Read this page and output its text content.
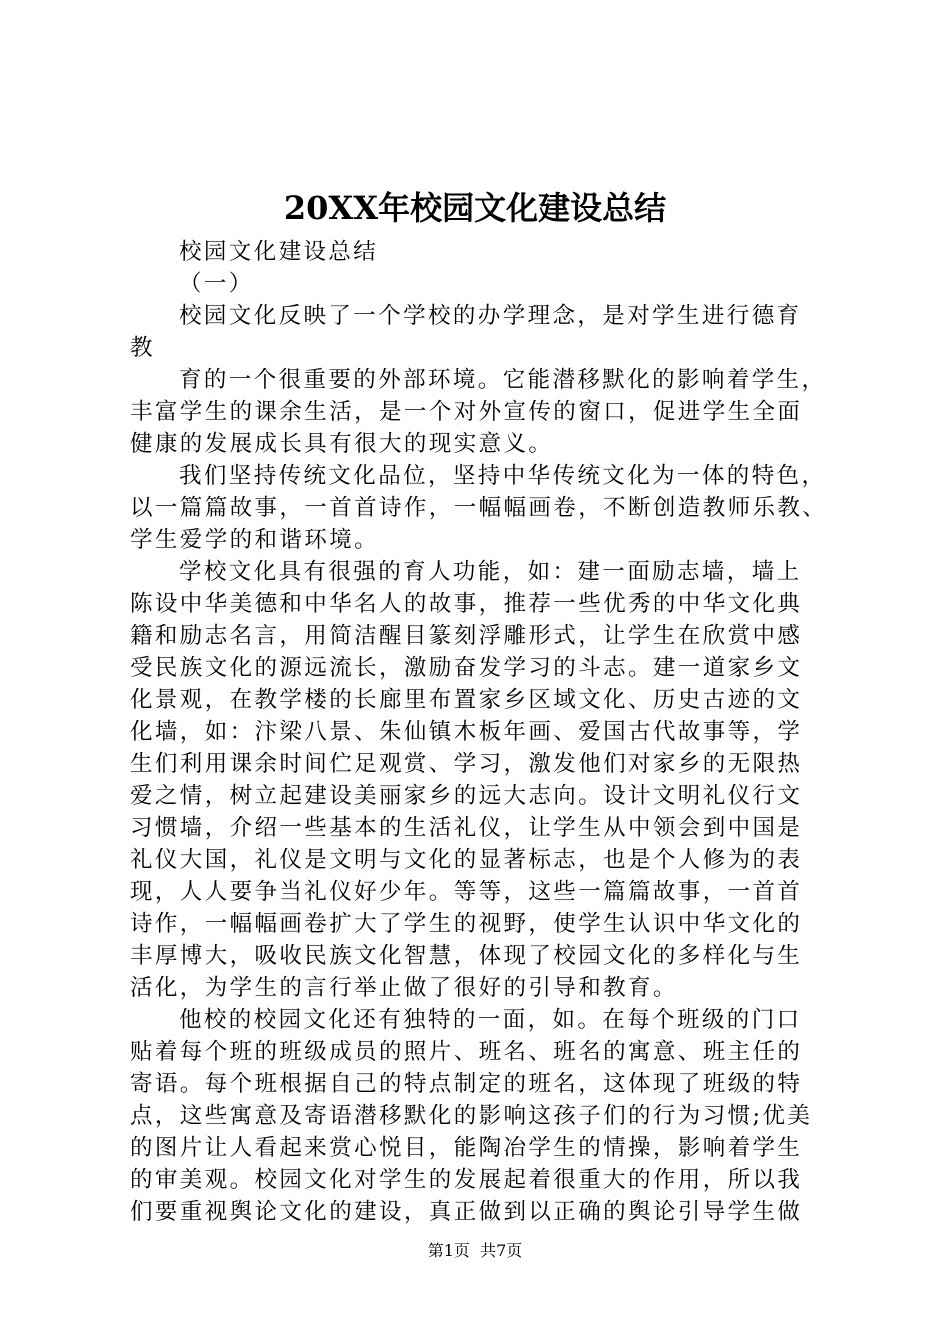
20XX年校园文化建设总结
校园文化建设总结
（一）
校园文化反映了一个学校的办学理念，是对学生进行德育
教
育的一个很重要的外部环境。它能潜移默化的影响着学生，
丰富学生的课余生活，是一个对外宣传的窗口，促进学生全面
健康的发展成长具有很大的现实意义。
我们坚持传统文化品位，坚持中华传统文化为一体的特色，
以一篇篇故事，一首首诗作，一幅幅画卷，不断创造教师乐教、
学生爱学的和谐环境。
学校文化具有很强的育人功能，如：建一面励志墙，墙上
陈设中华美德和中华名人的故事，推荐一些优秀的中华文化典
籍和励志名言，用简洁醒目篆刻浮雕形式，让学生在欣赏中感
受民族文化的源远流长，激励奋发学习的斗志。建一道家乡文
化景观，在教学楼的长廊里布置家乡区域文化、历史古迹的文
化墙，如：汴梁八景、朱仙镇木板年画、爱国古代故事等，学
生们利用课余时间伫足观赏、学习，激发他们对家乡的无限热
爱之情，树立起建设美丽家乡的远大志向。设计文明礼仪行文
习惯墙，介绍一些基本的生活礼仪，让学生从中领会到中国是
礼仪大国，礼仪是文明与文化的显著标志，也是个人修为的表
现，人人要争当礼仪好少年。等等，这些一篇篇故事，一首首
诗作，一幅幅画卷扩大了学生的视野，使学生认识中华文化的
丰厚博大，吸收民族文化智慧，体现了校园文化的多样化与生
活化，为学生的言行举止做了很好的引导和教育。
他校的校园文化还有独特的一面，如。在每个班级的门口
贴着每个班的班级成员的照片、班名、班名的寓意、班主任的
寄语。每个班根据自己的特点制定的班名，这体现了班级的特
点，这些寓意及寄语潜移默化的影响这孩子们的行为习惯;优美
的图片让人看起来赏心悦目，能陶冶学生的情操，影响着学生
的审美观。校园文化对学生的发展起着很重大的作用，所以我
们要重视舆论文化的建设，真正做到以正确的舆论引导学生做
第1页  共7页
